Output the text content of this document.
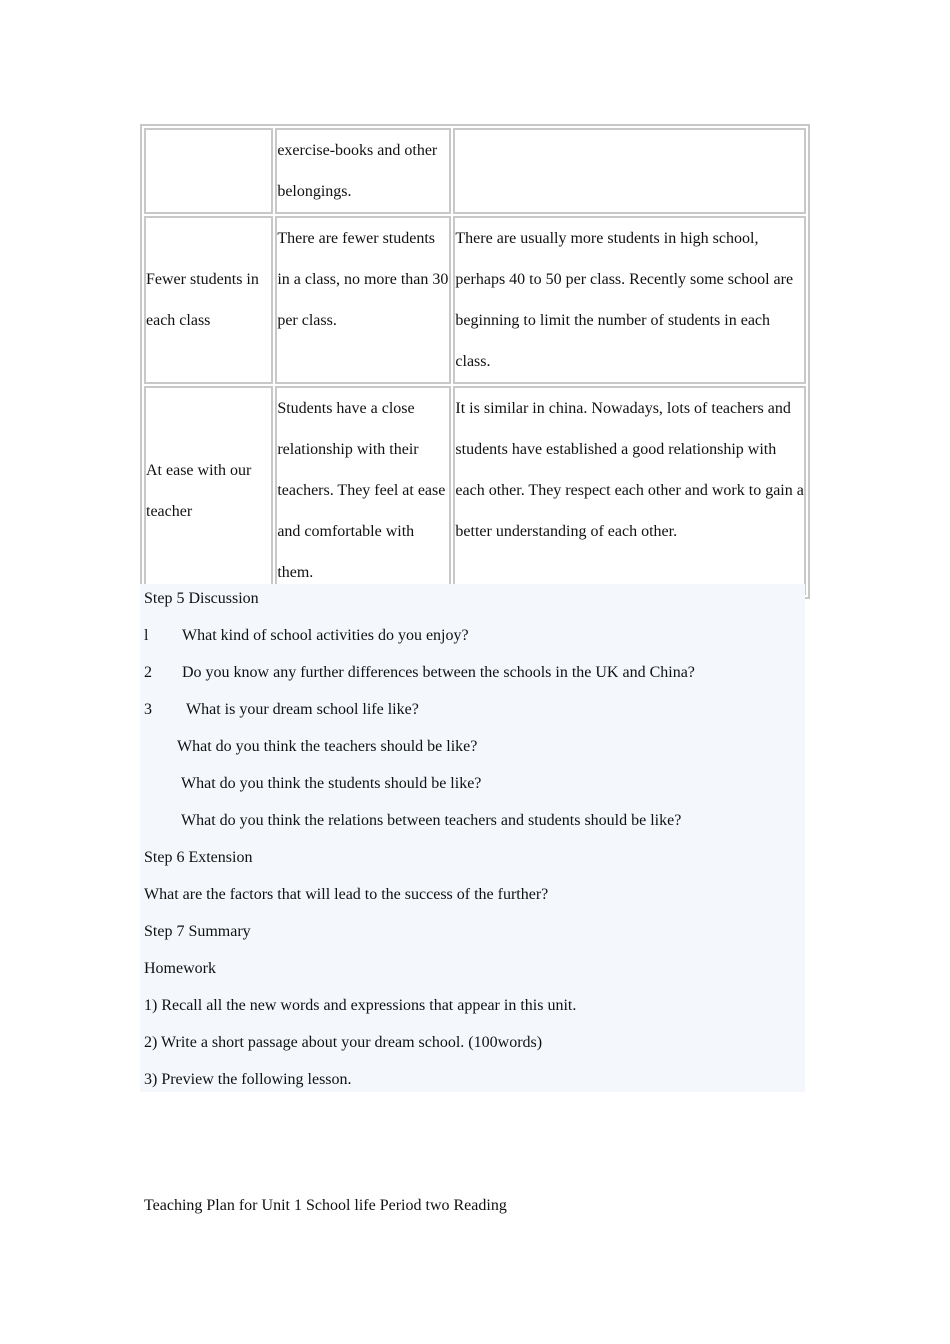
	exercise-books and other belongings.	
Fewer students in each class	There are fewer students in a class, no more than 30 per class.	There are usually more students in high school, perhaps 40 to 50 per class. Recently some school are beginning to limit the number of students in each class.
At ease with our teacher	Students have a close relationship with their teachers. They feel at ease and comfortable with them.	It is similar in china. Nowadays, lots of teachers and students have established a good relationship with each other. They respect each other and work to gain a better understanding of each other.
Step 5 Discussion
l What kind of school activities do you enjoy?
2 Do you know any further differences between the schools in the UK and China?
3 What is your dream school life like?
What do you think the teachers should be like?
What do you think the students should be like?
What do you think the relations between teachers and students should be like?
Step 6 Extension
What are the factors that will lead to the success of the further?
Step 7 Summary
Homework
1) Recall all the new words and expressions that appear in this unit.
2) Write a short passage about your dream school. (100words)
3) Preview the following lesson.
Teaching Plan for Unit 1 School life Period two Reading
